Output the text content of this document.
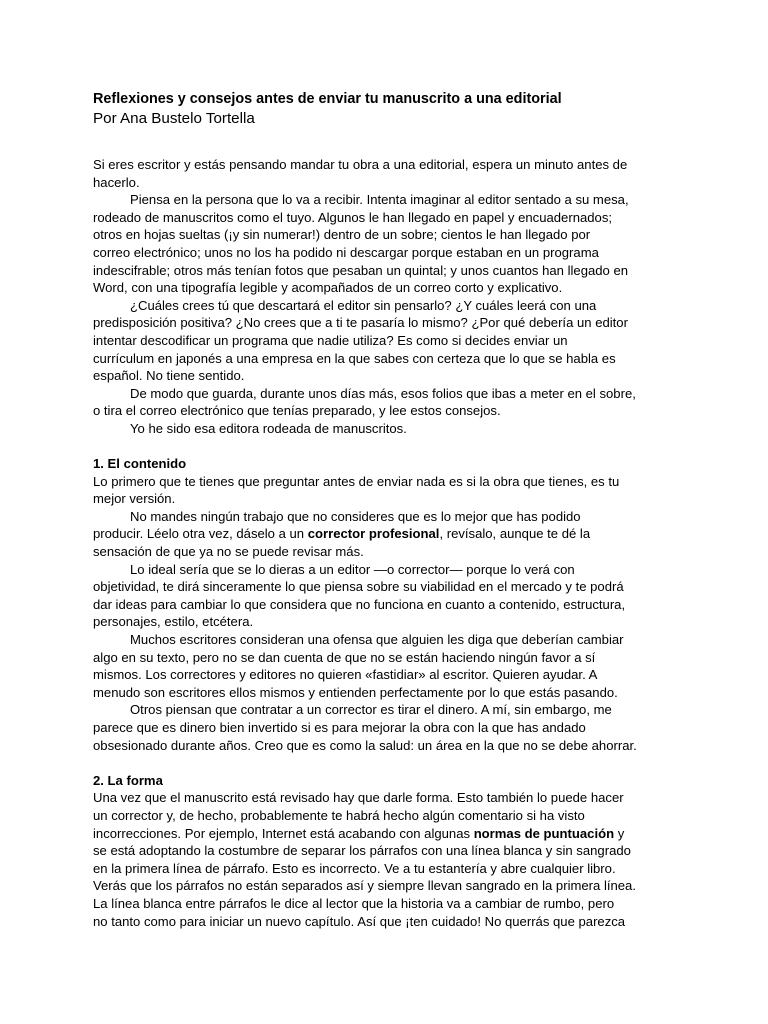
Reflexiones y consejos antes de enviar tu manuscrito a una editorial

Por Ana Bustelo Tortella

Si eres escritor y estás pensando mandar tu obra a una editorial, espera un minuto antes de
hacerlo.

Piensa en la persona que lo va a recibir. Intenta imaginar al editor sentado a su mesa,
rodeado de manuscritos como el tuyo. Algunos le han llegado en papel y encuadernados;
otros en hojas sueltas (¡y sin numerar!) dentro de un sobre; cientos le han llegado por
correo electrónico; unos no los ha podido ni descargar porque estaban en un programa
indescifrable; otros más tenían fotos que pesaban un quintal; y unos cuantos han llegado en
Word, con una tipografía legible y acompañados de un correo corto y explicativo.

¿Cuáles crees tú que descartará el editor sin pensarlo? ¿Y cuáles leerá con una
predisposición positiva? ¿No crees que a ti te pasaría lo mismo? ¿Por qué debería un editor
intentar descodificar un programa que nadie utiliza? Es como si decides enviar un
currículum en japonés a una empresa en la que sabes con certeza que lo que se habla es
español. No tiene sentido.

De modo que guarda, durante unos días más, esos folios que ibas a meter en el sobre,
o tira el correo electrónico que tenías preparado, y lee estos consejos.

Yo he sido esa editora rodeada de manuscritos.

1. El contenido

Lo primero que te tienes que preguntar antes de enviar nada es si la obra que tienes, es tu
mejor versión.

No mandes ningún trabajo que no consideres que es lo mejor que has podido
producir. Léelo otra vez, dáselo a un corrector profesional, revísalo, aunque te dé la
sensación de que ya no se puede revisar más.

Lo ideal sería que se lo dieras a un editor —o corrector— porque lo verá con
objetividad, te dirá sinceramente lo que piensa sobre su viabilidad en el mercado y te podrá
dar ideas para cambiar lo que considera que no funciona en cuanto a contenido, estructura,
personajes, estilo, etcétera.

Muchos escritores consideran una ofensa que alguien les diga que deberían cambiar
algo en su texto, pero no se dan cuenta de que no se están haciendo ningún favor a sí
mismos. Los correctores y editores no quieren «fastidiar» al escritor. Quieren ayudar. A
menudo son escritores ellos mismos y entienden perfectamente por lo que estás pasando.

Otros piensan que contratar a un corrector es tirar el dinero. A mí, sin embargo, me
parece que es dinero bien invertido si es para mejorar la obra con la que has andado
obsesionado durante años. Creo que es como la salud: un área en la que no se debe ahorrar.

2. La forma

Una vez que el manuscrito está revisado hay que darle forma. Esto también lo puede hacer
un corrector y, de hecho, probablemente te habrá hecho algún comentario si ha visto
incorrecciones. Por ejemplo, Internet está acabando con algunas normas de puntuación y
se está adoptando la costumbre de separar los párrafos con una línea blanca y sin sangrado
en la primera línea de párrafo. Esto es incorrecto. Ve a tu estantería y abre cualquier libro.
Verás que los párrafos no están separados así y siempre llevan sangrado en la primera línea.
La línea blanca entre párrafos le dice al lector que la historia va a cambiar de rumbo, pero
no tanto como para iniciar un nuevo capítulo. Así que ¡ten cuidado! No querrás que parezca
